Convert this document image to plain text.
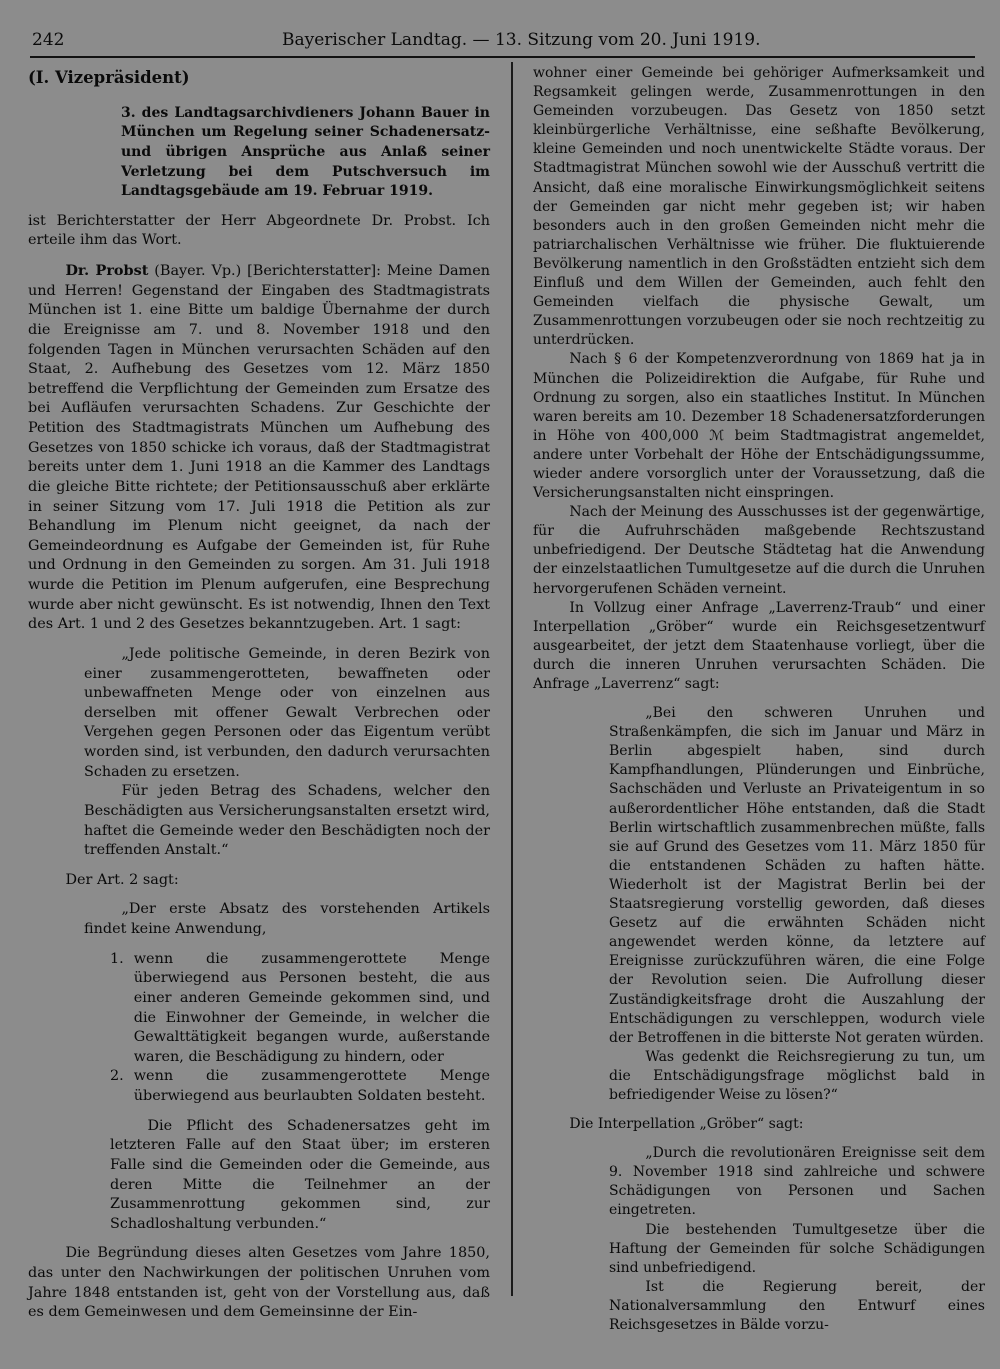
242	Bayerischer Landtag. — 13. Sitzung vom 20. Juni 1919.

(I. Vizepräsident)

3. des Landtagsarchivdieners Johann Bauer in München um Regelung seiner Schadenersatz- und übrigen Ansprüche aus Anlaß seiner Verletzung bei dem Putschversuch im Landtagsgebäude am 19. Februar 1919.

ist Berichterstatter der Herr Abgeordnete Dr. Probst. Ich erteile ihm das Wort.

Dr. Probst (Bayer. Vp.) [Berichterstatter]: Meine Damen und Herren! Gegenstand der Eingaben des Stadtmagistrats München ist 1. eine Bitte um baldige Übernahme der durch die Ereignisse am 7. und 8. November 1918 und den folgenden Tagen in München verursachten Schäden auf den Staat, 2. Aufhebung des Gesetzes vom 12. März 1850 betreffend die Verpflichtung der Gemeinden zum Ersatze des bei Aufläufen verursachten Schadens. Zur Geschichte der Petition des Stadtmagistrats München um Aufhebung des Gesetzes von 1850 schicke ich voraus, daß der Stadtmagistrat bereits unter dem 1. Juni 1918 an die Kammer des Landtags die gleiche Bitte richtete; der Petitionsausschuß aber erklärte in seiner Sitzung vom 17. Juli 1918 die Petition als zur Behandlung im Plenum nicht geeignet, da nach der Gemeindeordnung es Aufgabe der Gemeinden ist, für Ruhe und Ordnung in den Gemeinden zu sorgen. Am 31. Juli 1918 wurde die Petition im Plenum aufgerufen, eine Besprechung wurde aber nicht gewünscht. Es ist notwendig, Ihnen den Text des Art. 1 und 2 des Gesetzes bekanntzugeben. Art. 1 sagt:

„Jede politische Gemeinde, in deren Bezirk von einer zusammengerotteten, bewaffneten oder unbewaffneten Menge oder von einzelnen aus derselben mit offener Gewalt Verbrechen oder Vergehen gegen Personen oder das Eigentum verübt worden sind, ist verbunden, den dadurch verursachten Schaden zu ersetzen.

Für jeden Betrag des Schadens, welcher den Beschädigten aus Versicherungsanstalten ersetzt wird, haftet die Gemeinde weder den Beschädigten noch der treffenden Anstalt.“

Der Art. 2 sagt:

„Der erste Absatz des vorstehenden Artikels findet keine Anwendung,

1. wenn die zusammengerottete Menge überwiegend aus Personen besteht, die aus einer anderen Gemeinde gekommen sind, und die Einwohner der Gemeinde, in welcher die Gewalttätigkeit begangen wurde, außerstande waren, die Beschädigung zu hindern, oder
2. wenn die zusammengerottete Menge überwiegend aus beurlaubten Soldaten besteht.

Die Pflicht des Schadenersatzes geht im letzteren Falle auf den Staat über; im ersteren Falle sind die Gemeinden oder die Gemeinde, aus deren Mitte die Teilnehmer an der Zusammenrottung gekommen sind, zur Schadloshaltung verbunden.“

Die Begründung dieses alten Gesetzes vom Jahre 1850, das unter den Nachwirkungen der politischen Unruhen vom Jahre 1848 entstanden ist, geht von der Vorstellung aus, daß es dem Gemeinwesen und dem Gemeinsinne der Ein-

wohner einer Gemeinde bei gehöriger Aufmerksamkeit und Regsamkeit gelingen werde, Zusammenrottungen in den Gemeinden vorzubeugen. Das Gesetz von 1850 setzt kleinbürgerliche Verhältnisse, eine seßhafte Bevölkerung, kleine Gemeinden und noch unentwickelte Städte voraus. Der Stadtmagistrat München sowohl wie der Ausschuß vertritt die Ansicht, daß eine moralische Einwirkungsmöglichkeit seitens der Gemeinden gar nicht mehr gegeben ist; wir haben besonders auch in den großen Gemeinden nicht mehr die patriarchalischen Verhältnisse wie früher. Die fluktuierende Bevölkerung namentlich in den Großstädten entzieht sich dem Einfluß und dem Willen der Gemeinden, auch fehlt den Gemeinden vielfach die physische Gewalt, um Zusammenrottungen vorzubeugen oder sie noch rechtzeitig zu unterdrücken.

Nach § 6 der Kompetenzverordnung von 1869 hat ja in München die Polizeidirektion die Aufgabe, für Ruhe und Ordnung zu sorgen, also ein staatliches Institut. In München waren bereits am 10. Dezember 18 Schadenersatzforderungen in Höhe von 400,000 ℳ beim Stadtmagistrat angemeldet, andere unter Vorbehalt der Höhe der Entschädigungssumme, wieder andere vorsorglich unter der Voraussetzung, daß die Versicherungsanstalten nicht einspringen.

Nach der Meinung des Ausschusses ist der gegenwärtige, für die Aufruhrschäden maßgebende Rechtszustand unbefriedigend. Der Deutsche Städtetag hat die Anwendung der einzelstaatlichen Tumultgesetze auf die durch die Unruhen hervorgerufenen Schäden verneint.

In Vollzug einer Anfrage „Laverrenz-Traub“ und einer Interpellation „Gröber“ wurde ein Reichsgesetzentwurf ausgearbeitet, der jetzt dem Staatenhause vorliegt, über die durch die inneren Unruhen verursachten Schäden. Die Anfrage „Laverrenz“ sagt:

„Bei den schweren Unruhen und Straßenkämpfen, die sich im Januar und März in Berlin abgespielt haben, sind durch Kampfhandlungen, Plünderungen und Einbrüche, Sachschäden und Verluste an Privateigentum in so außerordentlicher Höhe entstanden, daß die Stadt Berlin wirtschaftlich zusammenbrechen müßte, falls sie auf Grund des Gesetzes vom 11. März 1850 für die entstandenen Schäden zu haften hätte. Wiederholt ist der Magistrat Berlin bei der Staatsregierung vorstellig geworden, daß dieses Gesetz auf die erwähnten Schäden nicht angewendet werden könne, da letztere auf Ereignisse zurückzuführen wären, die eine Folge der Revolution seien. Die Aufrollung dieser Zuständigkeitsfrage droht die Auszahlung der Entschädigungen zu verschleppen, wodurch viele der Betroffenen in die bitterste Not geraten würden.

Was gedenkt die Reichsregierung zu tun, um die Entschädigungsfrage möglichst bald in befriedigender Weise zu lösen?“

Die Interpellation „Gröber“ sagt:

„Durch die revolutionären Ereignisse seit dem 9. November 1918 sind zahlreiche und schwere Schädigungen von Personen und Sachen eingetreten.

Die bestehenden Tumultgesetze über die Haftung der Gemeinden für solche Schädigungen sind unbefriedigend.

Ist die Regierung bereit, der Nationalversammlung den Entwurf eines Reichsgesetzes in Bälde vorzu-
